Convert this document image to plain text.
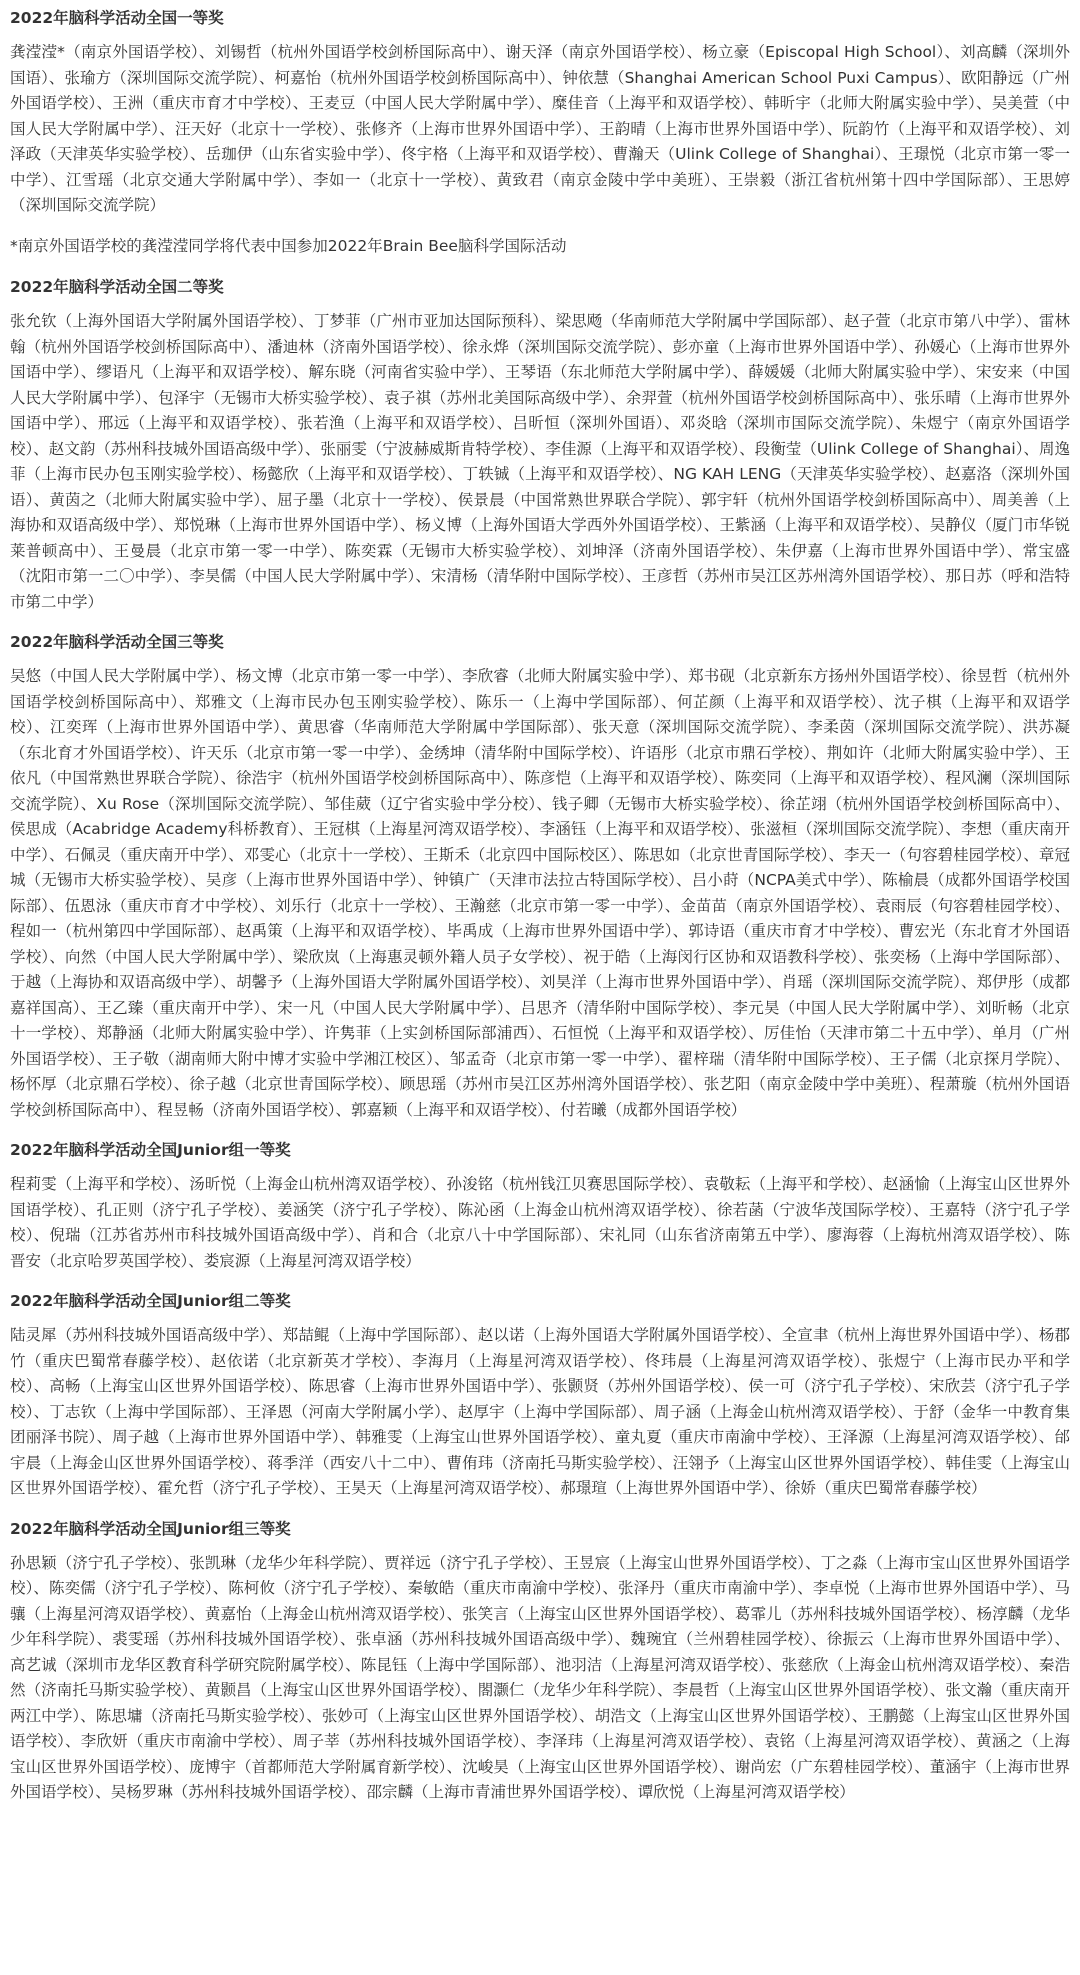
2022年脑科学活动全国一等奖
龚滢滢*（南京外国语学校）、刘锡哲（杭州外国语学校剑桥国际高中）、谢天泽（南京外国语学校）、杨立豪（Episcopal High School）、刘高麟（深圳外国语）、张瑜方（深圳国际交流学院）、柯嘉怡（杭州外国语学校剑桥国际高中）、钟依慧（Shanghai American School Puxi Campus）、欧阳静远（广州外国语学校）、王洲（重庆市育才中学校）、王麦豆（中国人民大学附属中学）、糜佳音（上海平和双语学校）、韩昕宇（北师大附属实验中学）、吴美萱（中国人民大学附属中学）、汪天好（北京十一学校）、张修齐（上海市世界外国语中学）、王韵晴（上海市世界外国语中学）、阮韵竹（上海平和双语学校）、刘泽政（天津英华实验学校）、岳珈伊（山东省实验中学）、佟宇格（上海平和双语学校）、曹瀚天（Ulink College of Shanghai）、王璟悦（北京市第一零一中学）、江雪瑶（北京交通大学附属中学）、李如一（北京十一学校）、黄致君（南京金陵中学中美班）、王崇毅（浙江省杭州第十四中学国际部）、王思婷（深圳国际交流学院）
*南京外国语学校的龚滢滢同学将代表中国参加2022年Brain Bee脑科学国际活动
2022年脑科学活动全国二等奖
张允钦（上海外国语大学附属外国语学校）、丁梦菲（广州市亚加达国际预科）、梁思飏（华南师范大学附属中学国际部）、赵子萱（北京市第八中学）、雷林翰（杭州外国语学校剑桥国际高中）、潘迪林（济南外国语学校）、徐永烨（深圳国际交流学院）、彭亦童（上海市世界外国语中学）、孙媛心（上海市世界外国语中学）、缪语凡（上海平和双语学校）、解东晓（河南省实验中学）、王琴语（东北师范大学附属中学）、薛媛媛（北师大附属实验中学）、宋安来（中国人民大学附属中学）、包泽宇（无锡市大桥实验学校）、袁子祺（苏州北美国际高级中学）、余羿萱（杭州外国语学校剑桥国际高中）、张乐晴（上海市世界外国语中学）、邢远（上海平和双语学校）、张若渔（上海平和双语学校）、吕昕恒（深圳外国语）、邓炎晗（深圳市国际交流学院）、朱煜宁（南京外国语学校）、赵文韵（苏州科技城外国语高级中学）、张丽雯（宁波赫威斯肯特学校）、李佳源（上海平和双语学校）、段衡莹（Ulink College of Shanghai）、周逸菲（上海市民办包玉刚实验学校）、杨懿欣（上海平和双语学校）、丁轶铖（上海平和双语学校）、NG KAH LENG（天津英华实验学校）、赵嘉洛（深圳外国语）、黄茵之（北师大附属实验中学）、屈子墨（北京十一学校）、侯景晨（中国常熟世界联合学院）、郭宇轩（杭州外国语学校剑桥国际高中）、周美善（上海协和双语高级中学）、郑悦琳（上海市世界外国语中学）、杨义博（上海外国语大学西外外国语学校）、王紫涵（上海平和双语学校）、吴静仪（厦门市华锐莱普顿高中）、王曼晨（北京市第一零一中学）、陈奕霖（无锡市大桥实验学校）、刘坤泽（济南外国语学校）、朱伊嘉（上海市世界外国语中学）、常宝盛（沈阳市第一二〇中学）、李昊儒（中国人民大学附属中学）、宋清杨（清华附中国际学校）、王彦哲（苏州市吴江区苏州湾外国语学校）、那日苏（呼和浩特市第二中学）
2022年脑科学活动全国三等奖
吴悠（中国人民大学附属中学）、杨文博（北京市第一零一中学）、李欣睿（北师大附属实验中学）、郑书砚（北京新东方扬州外国语学校）、徐昱哲（杭州外国语学校剑桥国际高中）、郑雅文（上海市民办包玉刚实验学校）、陈乐一（上海中学国际部）、何芷颜（上海平和双语学校）、沈子棋（上海平和双语学校）、江奕珲（上海市世界外国语中学）、黄思睿（华南师范大学附属中学国际部）、张天意（深圳国际交流学院）、李柔茵（深圳国际交流学院）、洪苏凝（东北育才外国语学校）、许天乐（北京市第一零一中学）、金绣坤（清华附中国际学校）、许语彤（北京市鼎石学校）、荆如许（北师大附属实验中学）、王依凡（中国常熟世界联合学院）、徐浩宇（杭州外国语学校剑桥国际高中）、陈彦恺（上海平和双语学校）、陈奕同（上海平和双语学校）、程风澜（深圳国际交流学院）、Xu Rose（深圳国际交流学院）、邹佳葳（辽宁省实验中学分校）、钱子卿（无锡市大桥实验学校）、徐芷翊（杭州外国语学校剑桥国际高中）、侯思成（Acabridge Academy科桥教育）、王冠棋（上海星河湾双语学校）、李涵钰（上海平和双语学校）、张滋桓（深圳国际交流学院）、李想（重庆南开中学）、石佩灵（重庆南开中学）、邓雯心（北京十一学校）、王斯禾（北京四中国际校区）、陈思如（北京世青国际学校）、李天一（句容碧桂园学校）、章冠城（无锡市大桥实验学校）、吴彦（上海市世界外国语中学）、钟镇广（天津市法拉古特国际学校）、吕小莳（NCPA美式中学）、陈榆晨（成都外国语学校国际部）、伍恩泳（重庆市育才中学校）、刘乐行（北京十一学校）、王瀚慈（北京市第一零一中学）、金苗苗（南京外国语学校）、袁雨辰（句容碧桂园学校）、程如一（杭州第四中学国际部）、赵禹策（上海平和双语学校）、毕禹成（上海市世界外国语中学）、郭诗语（重庆市育才中学校）、曹宏光（东北育才外国语学校）、向然（中国人民大学附属中学）、梁欣岚（上海惠灵顿外籍人员子女学校）、祝于皓（上海闵行区协和双语教科学校）、张奕杨（上海中学国际部）、于越（上海协和双语高级中学）、胡馨予（上海外国语大学附属外国语学校）、刘昊洋（上海市世界外国语中学）、肖瑶（深圳国际交流学院）、郑伊彤（成都嘉祥国高）、王乙臻（重庆南开中学）、宋一凡（中国人民大学附属中学）、吕思齐（清华附中国际学校）、李元昊（中国人民大学附属中学）、刘昕畅（北京十一学校）、郑静涵（北师大附属实验中学）、许隽菲（上实剑桥国际部浦西）、石恒悦（上海平和双语学校）、厉佳怡（天津市第二十五中学）、单月（广州外国语学校）、王子敬（湖南师大附中博才实验中学湘江校区）、邹孟奇（北京市第一零一中学）、翟梓瑞（清华附中国际学校）、王子儒（北京探月学院）、杨怀厚（北京鼎石学校）、徐子越（北京世青国际学校）、顾思瑶（苏州市吴江区苏州湾外国语学校）、张艺阳（南京金陵中学中美班）、程萧璇（杭州外国语学校剑桥国际高中）、程昱畅（济南外国语学校）、郭嘉颖（上海平和双语学校）、付若曦（成都外国语学校）
2022年脑科学活动全国Junior组一等奖
程莉雯（上海平和学校）、汤昕悦（上海金山杭州湾双语学校）、孙浚铭（杭州钱江贝赛思国际学校）、袁敬耘（上海平和学校）、赵涵愉（上海宝山区世界外国语学校）、孔正则（济宁孔子学校）、姜涵笑（济宁孔子学校）、陈沁函（上海金山杭州湾双语学校）、徐若菡（宁波华茂国际学校）、王嘉特（济宁孔子学校）、倪瑞（江苏省苏州市科技城外国语高级中学）、肖和合（北京八十中学国际部）、宋礼同（山东省济南第五中学）、廖海蓉（上海杭州湾双语学校）、陈晋安（北京哈罗英国学校）、娄宸源（上海星河湾双语学校）
2022年脑科学活动全国Junior组二等奖
陆灵犀（苏州科技城外国语高级中学）、郑喆鲲（上海中学国际部）、赵以诺（上海外国语大学附属外国语学校）、全宣聿（杭州上海世界外国语中学）、杨郡竹（重庆巴蜀常春藤学校）、赵依诺（北京新英才学校）、李海月（上海星河湾双语学校）、佟玮晨（上海星河湾双语学校）、张煜宁（上海市民办平和学校）、高畅（上海宝山区世界外国语学校）、陈思睿（上海市世界外国语中学）、张颢贤（苏州外国语学校）、侯一可（济宁孔子学校）、宋欣芸（济宁孔子学校）、丁志钦（上海中学国际部）、王泽恩（河南大学附属小学）、赵厚宇（上海中学国际部）、周子涵（上海金山杭州湾双语学校）、于舒（金华一中教育集团丽泽书院）、周子越（上海市世界外国语中学）、韩雅雯（上海宝山世界外国语学校）、童丸夏（重庆市南渝中学校）、王泽源（上海星河湾双语学校）、邰宇晨（上海金山区世界外国语学校）、蒋季洋（西安八十二中）、曹侑玮（济南托马斯实验学校）、汪翎予（上海宝山区世界外国语学校）、韩佳雯（上海宝山区世界外国语学校）、霍允哲（济宁孔子学校）、王昊天（上海星河湾双语学校）、郝璟瑄（上海世界外国语中学）、徐娇（重庆巴蜀常春藤学校）
2022年脑科学活动全国Junior组三等奖
孙思颖（济宁孔子学校）、张凯琳（龙华少年科学院）、贾祥远（济宁孔子学校）、王昱宸（上海宝山世界外国语学校）、丁之淼（上海市宝山区世界外国语学校）、陈奕儒（济宁孔子学校）、陈柯攸（济宁孔子学校）、秦敏皓（重庆市南渝中学校）、张泽丹（重庆市南渝中学）、李卓悦（上海市世界外国语中学）、马骧（上海星河湾双语学校）、黄嘉怡（上海金山杭州湾双语学校）、张笑言（上海宝山区世界外国语学校）、葛霏儿（苏州科技城外国语学校）、杨淳麟（龙华少年科学院）、裘雯瑶（苏州科技城外国语学校）、张卓涵（苏州科技城外国语高级中学）、魏琬宜（兰州碧桂园学校）、徐振云（上海市世界外国语中学）、高艺诚（深圳市龙华区教育科学研究院附属学校）、陈昆钰（上海中学国际部）、池羽洁（上海星河湾双语学校）、张慈欣（上海金山杭州湾双语学校）、秦浩然（济南托马斯实验学校）、黄颢昌（上海宝山区世界外国语学校）、閤灏仁（龙华少年科学院）、李晨哲（上海宝山区世界外国语学校）、张文瀚（重庆南开两江中学）、陈思墉（济南托马斯实验学校）、张妙可（上海宝山区世界外国语学校）、胡浩文（上海宝山区世界外国语学校）、王鹏懿（上海宝山区世界外国语学校）、李欣妍（重庆市南渝中学校）、周子莘（苏州科技城外国语学校）、李泽玮（上海星河湾双语学校）、袁铭（上海星河湾双语学校）、黄涵之（上海宝山区世界外国语学校）、庞博宇（首都师范大学附属育新学校）、沈峻昊（上海宝山区世界外国语学校）、谢尚宏（广东碧桂园学校）、董涵宇（上海市世界外国语学校）、吴杨罗琳（苏州科技城外国语学校）、邵宗麟（上海市青浦世界外国语学校）、谭欣悦（上海星河湾双语学校）
